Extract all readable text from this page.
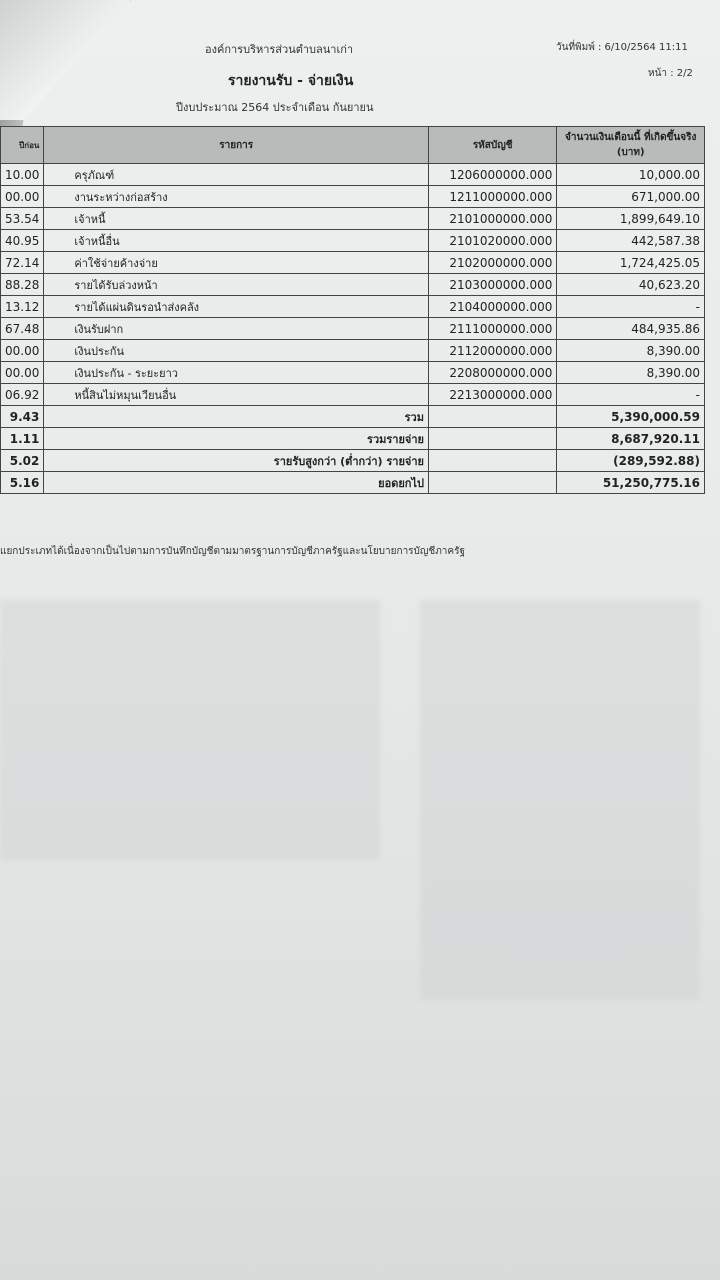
องค์การบริหารส่วนตำบลนาเก่า	วันที่พิมพ์ : 6/10/2564 11:11
รายงานรับ - จ่ายเงิน	หน้า : 2/2
ปีงบประมาณ 2564 ประจำเดือน กันยายน
ปีก่อน	รายการ	รหัสบัญชี	จำนวนเงินเดือนนี้ ที่เกิดขึ้นจริง (บาท)
10.00	ครุภัณฑ์	1206000000.000	10,000.00
00.00	งานระหว่างก่อสร้าง	1211000000.000	671,000.00
53.54	เจ้าหนี้	2101000000.000	1,899,649.10
40.95	เจ้าหนี้อื่น	2101020000.000	442,587.38
72.14	ค่าใช้จ่ายค้างจ่าย	2102000000.000	1,724,425.05
88.28	รายได้รับล่วงหน้า	2103000000.000	40,623.20
13.12	รายได้แผ่นดินรอนำส่งคลัง	2104000000.000	-
67.48	เงินรับฝาก	2111000000.000	484,935.86
00.00	เงินประกัน	2112000000.000	8,390.00
00.00	เงินประกัน - ระยะยาว	2208000000.000	8,390.00
06.92	หนี้สินไม่หมุนเวียนอื่น	2213000000.000	-
9.43	รวม		5,390,000.59
1.11	รวมรายจ่าย		8,687,920.11
5.02	รายรับสูงกว่า (ต่ำกว่า) รายจ่าย		(289,592.88)
5.16	ยอดยกไป		51,250,775.16
แยกประเภทได้เนื่องจากเป็นไปตามการบันทึกบัญชีตามมาตรฐานการบัญชีภาครัฐและนโยบายการบัญชีภาครัฐ
